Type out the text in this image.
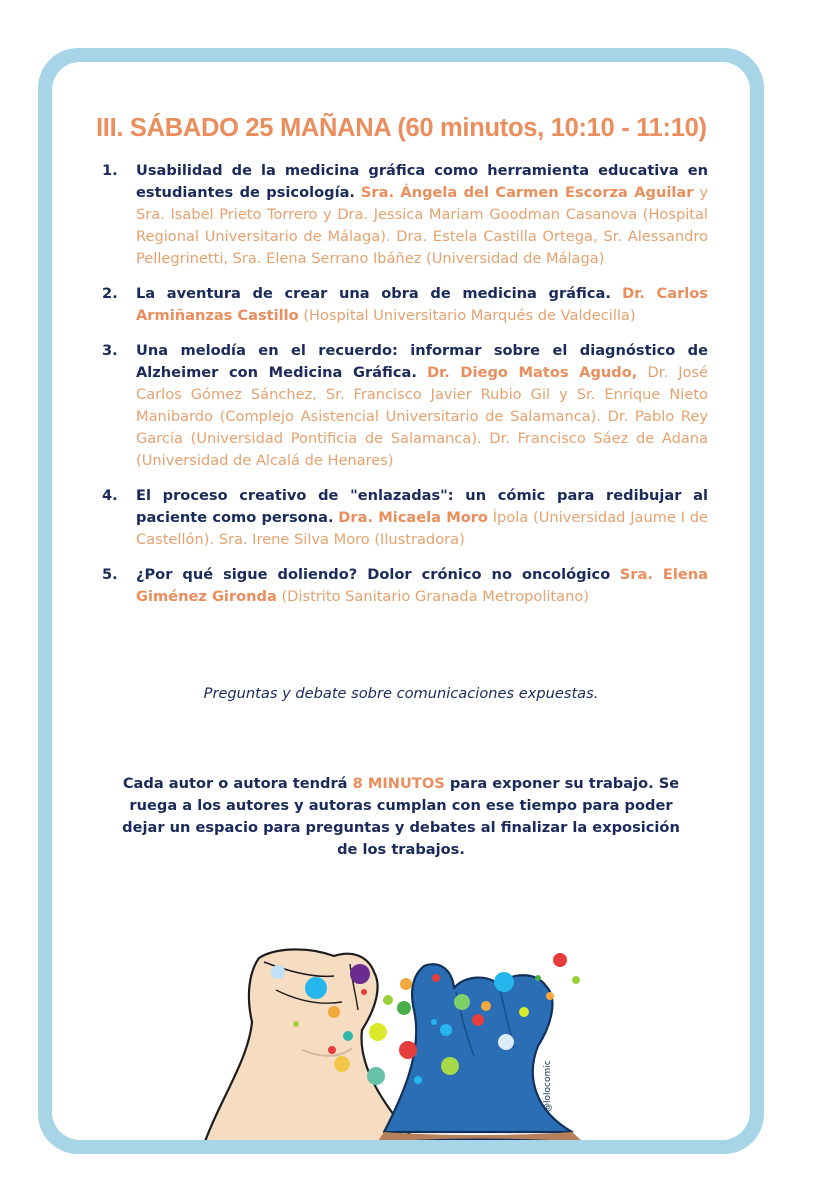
III. SÁBADO 25 MAÑANA (60 minutos, 10:10 - 11:10)
1. Usabilidad de la medicina gráfica como herramienta educativa en estudiantes de psicología. Sra. Ángela del Carmen Escorza Aguilar y Sra. Isabel Prieto Torrero y Dra. Jessica Mariam Goodman Casanova (Hospital Regional Universitario de Málaga). Dra. Estela Castilla Ortega, Sr. Alessandro Pellegrinetti, Sra. Elena Serrano Ibáñez (Universidad de Málaga)
2. La aventura de crear una obra de medicina gráfica. Dr. Carlos Armiñanzas Castillo (Hospital Universitario Marqués de Valdecilla)
3. Una melodía en el recuerdo: informar sobre el diagnóstico de Alzheimer con Medicina Gráfica. Dr. Diego Matos Agudo, Dr. José Carlos Gómez Sánchez, Sr. Francisco Javier Rubio Gil y Sr. Enrique Nieto Manibardo (Complejo Asistencial Universitario de Salamanca). Dr. Pablo Rey García (Universidad Pontificia de Salamanca). Dr. Francisco Sáez de Adana (Universidad de Alcalá de Henares)
4. El proceso creativo de "enlazadas": un cómic para redibujar al paciente como persona. Dra. Micaela Moro Ípola (Universidad Jaume I de Castellón). Sra. Irene Silva Moro (Ilustradora)
5. ¿Por qué sigue doliendo? Dolor crónico no oncológico Sra. Elena Giménez Gironda (Distrito Sanitario Granada Metropolitano)

Preguntas y debate sobre comunicaciones expuestas.

Cada autor o autora tendrá 8 MINUTOS para exponer su trabajo. Se ruega a los autores y autoras cumplan con ese tiempo para poder dejar un espacio para preguntas y debates al finalizar la exposición de los trabajos.

@lolocomic
